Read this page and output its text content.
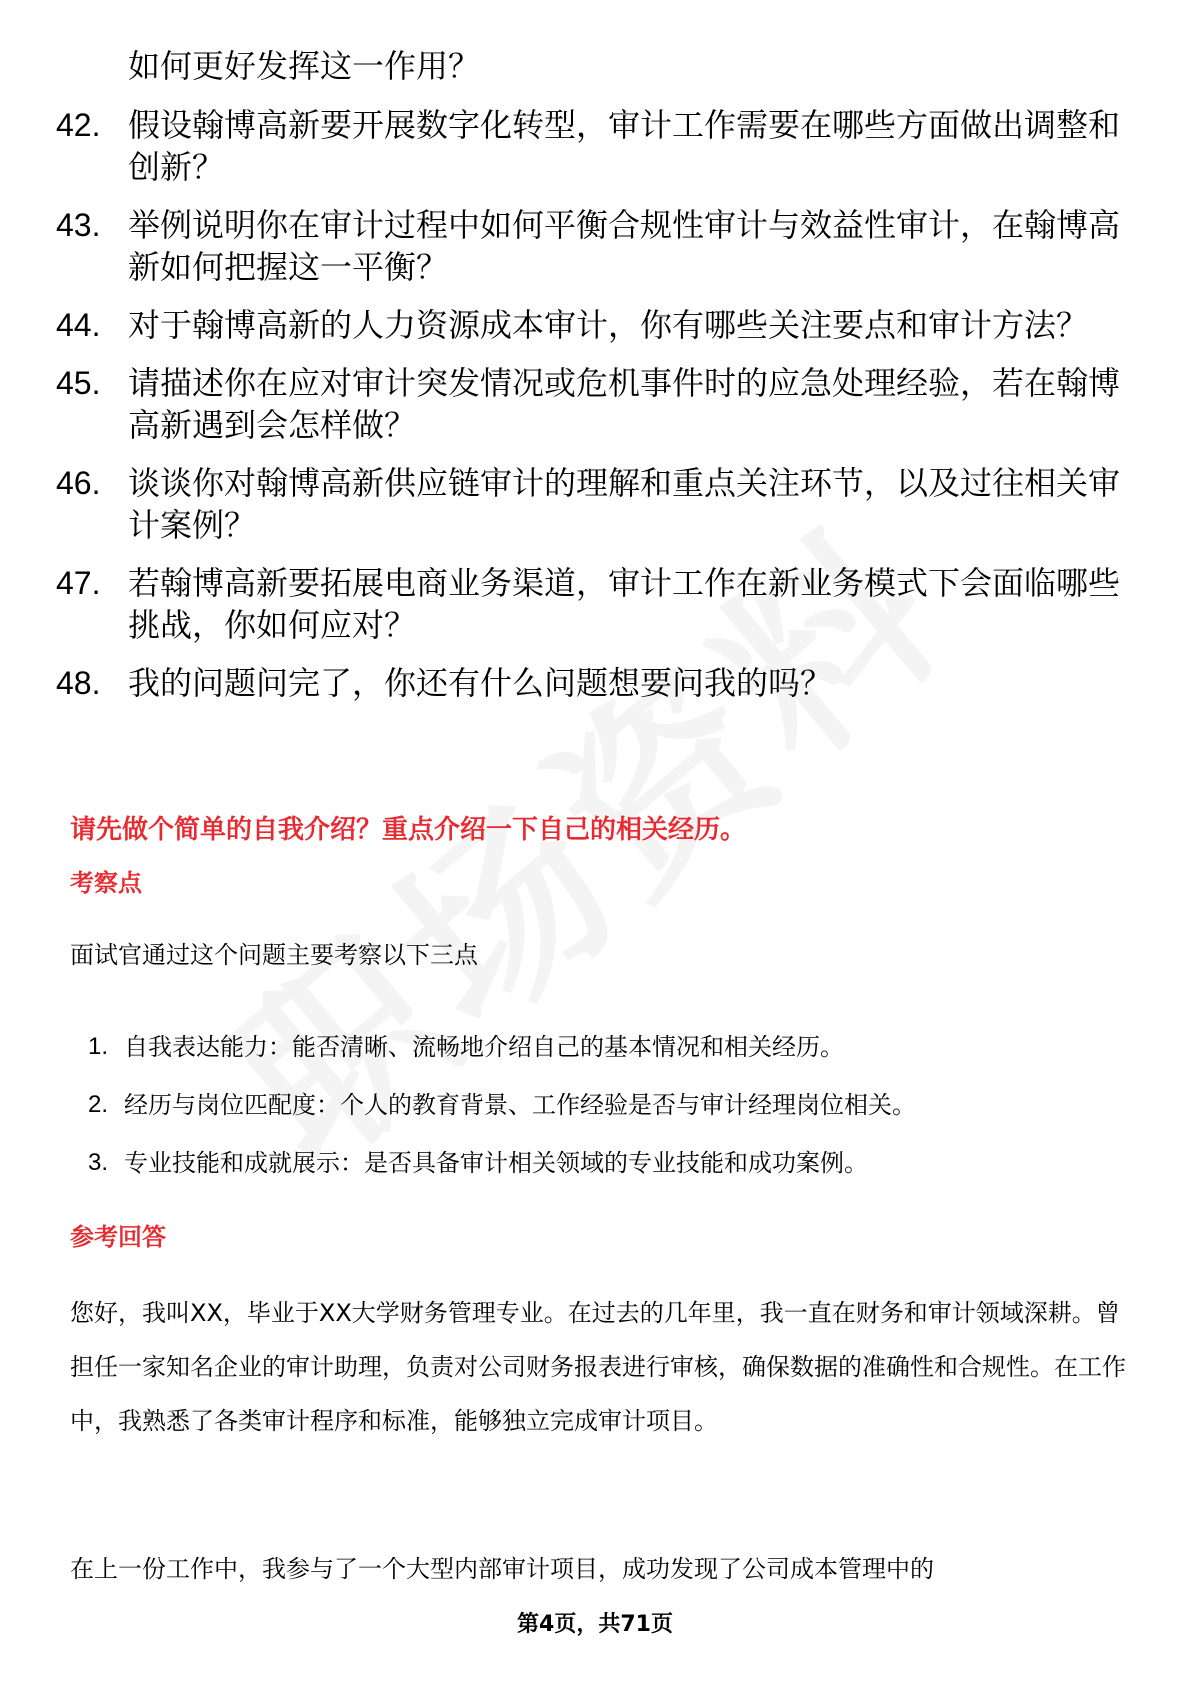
如何更好发挥这一作用？
42. 假设翰博高新要开展数字化转型，审计工作需要在哪些方面做出调整和创新？
43. 举例说明你在审计过程中如何平衡合规性审计与效益性审计，在翰博高新如何把握这一平衡？
44. 对于翰博高新的人力资源成本审计，你有哪些关注要点和审计方法？
45. 请描述你在应对审计突发情况或危机事件时的应急处理经验，若在翰博高新遇到会怎样做？
46. 谈谈你对翰博高新供应链审计的理解和重点关注环节，以及过往相关审计案例？
47. 若翰博高新要拓展电商业务渠道，审计工作在新业务模式下会面临哪些挑战，你如何应对？
48. 我的问题问完了，你还有什么问题想要问我的吗？
请先做个简单的自我介绍？重点介绍一下自己的相关经历。
考察点
面试官通过这个问题主要考察以下三点
1. 自我表达能力：能否清晰、流畅地介绍自己的基本情况和相关经历。
2. 经历与岗位匹配度：个人的教育背景、工作经验是否与审计经理岗位相关。
3. 专业技能和成就展示：是否具备审计相关领域的专业技能和成功案例。
参考回答
您好，我叫XX，毕业于XX大学财务管理专业。在过去的几年里，我一直在财务和审计领域深耕。曾担任一家知名企业的审计助理，负责对公司财务报表进行审核，确保数据的准确性和合规性。在工作中，我熟悉了各类审计程序和标准，能够独立完成审计项目。
在上一份工作中，我参与了一个大型内部审计项目，成功发现了公司成本管理中的
第4页，共71页
